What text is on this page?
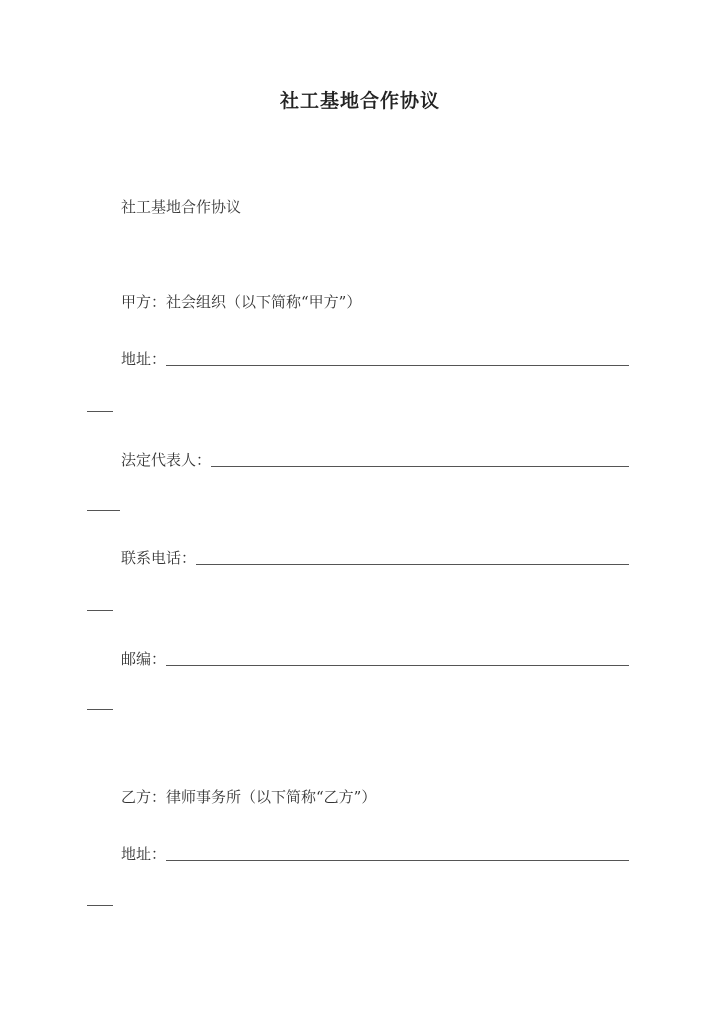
社工基地合作协议
社工基地合作协议
甲方：社会组织（以下简称“甲方”）
地址：
法定代表人：
联系电话：
邮编：
乙方：律师事务所（以下简称“乙方”）
地址：
